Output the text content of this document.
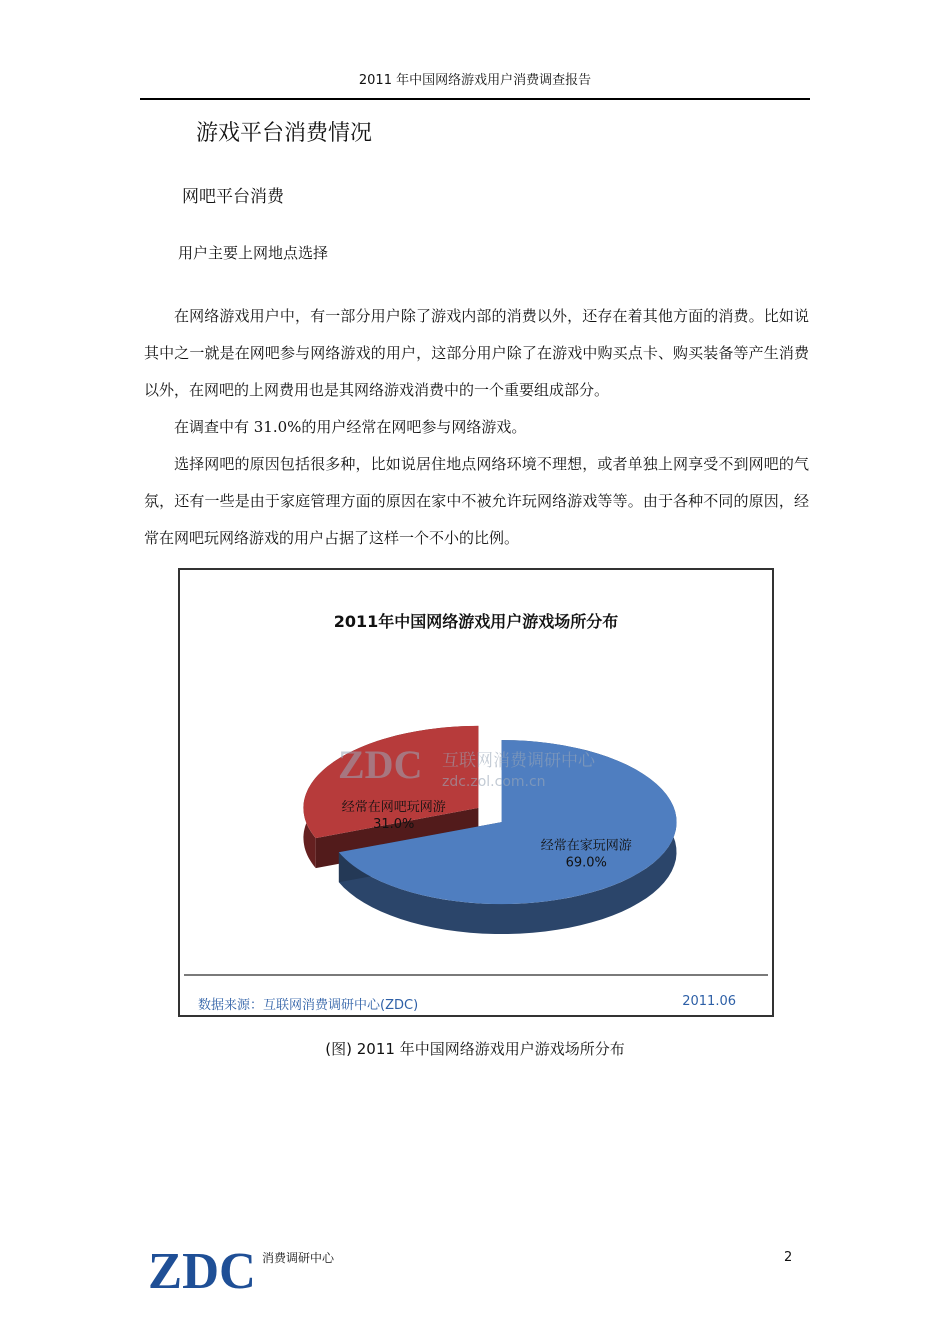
2011 年中国网络游戏用户消费调查报告
游戏平台消费情况
网吧平台消费
用户主要上网地点选择

在网络游戏用户中，有一部分用户除了游戏内部的消费以外，还存在着其他方面的消费。比如说其中之一就是在网吧参与网络游戏的用户，这部分用户除了在游戏中购买点卡、购买装备等产生消费以外，在网吧的上网费用也是其网络游戏消费中的一个重要组成部分。

在调查中有 31.0%的用户经常在网吧参与网络游戏。

选择网吧的原因包括很多种，比如说居住地点网络环境不理想，或者单独上网享受不到网吧的气氛，还有一些是由于家庭管理方面的原因在家中不被允许玩网络游戏等等。由于各种不同的原因，经常在网吧玩网络游戏的用户占据了这样一个不小的比例。

2011年中国网络游戏用户游戏场所分布
经常在家玩网游
69.0%
经常在网吧玩网游
31.0%
ZDC 互联网消费调研中心
zdc.zol.com.cn
数据来源：互联网消费调研中心(ZDC)	2011.06
(图) 2011 年中国网络游戏用户游戏场所分布
ZDC 消费调研中心	2
